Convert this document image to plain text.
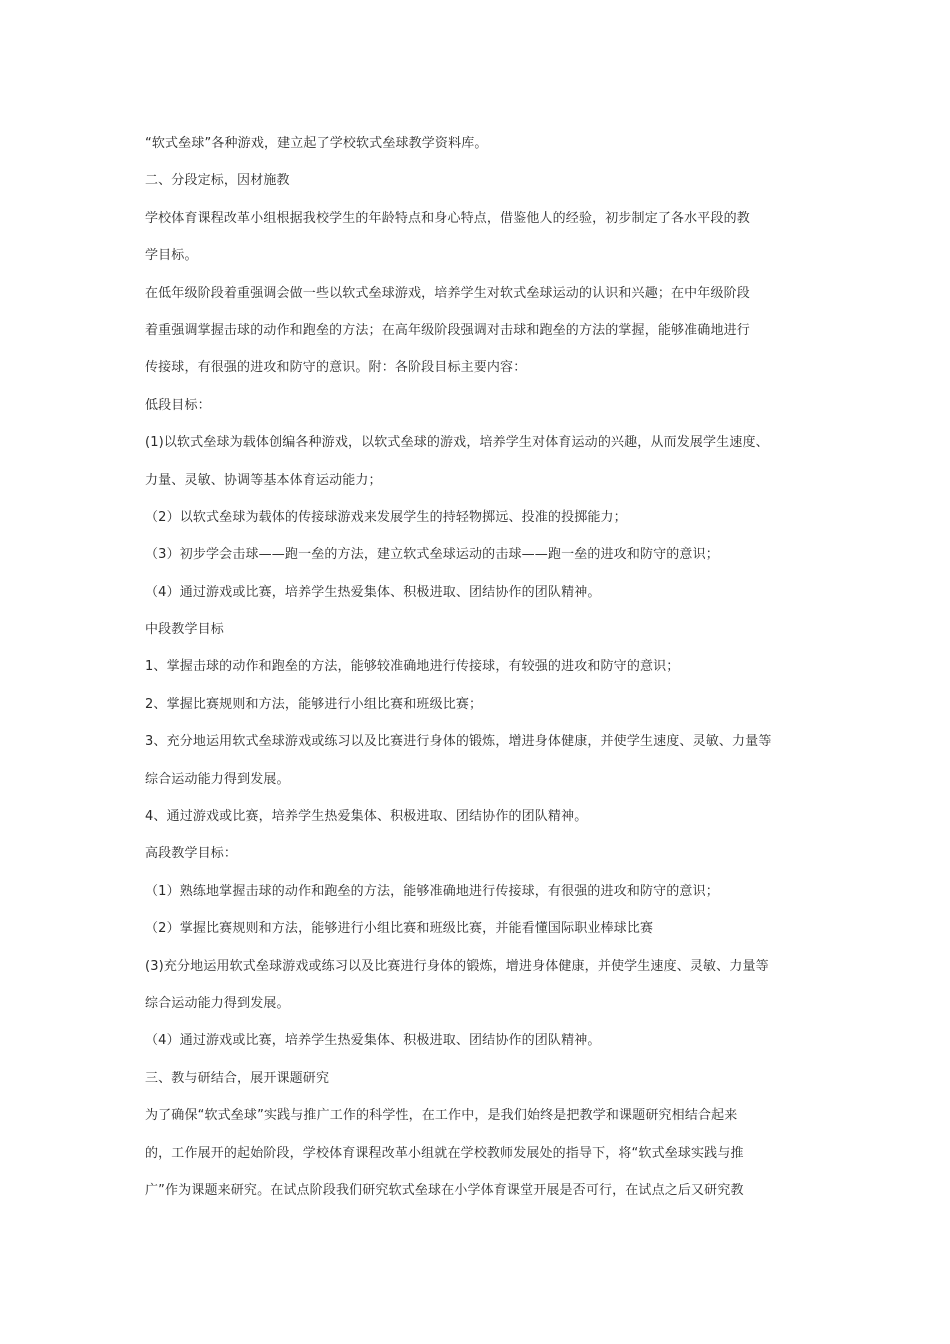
“软式垒球”各种游戏，建立起了学校软式垒球教学资料库。

二、分段定标，因材施教

学校体育课程改革小组根据我校学生的年龄特点和身心特点，借鉴他人的经验，初步制定了各水平段的教

学目标。

在低年级阶段着重强调会做一些以软式垒球游戏，培养学生对软式垒球运动的认识和兴趣；在中年级阶段

着重强调掌握击球的动作和跑垒的方法；在高年级阶段强调对击球和跑垒的方法的掌握，能够准确地进行

传接球，有很强的进攻和防守的意识。附：各阶段目标主要内容：

低段目标：

(1)以软式垒球为载体创编各种游戏，以软式垒球的游戏，培养学生对体育运动的兴趣，从而发展学生速度、

力量、灵敏、协调等基本体育运动能力；

（2）以软式垒球为载体的传接球游戏来发展学生的持轻物掷远、投准的投掷能力；

（3）初步学会击球——跑一垒的方法，建立软式垒球运动的击球——跑一垒的进攻和防守的意识；

（4）通过游戏或比赛，培养学生热爱集体、积极进取、团结协作的团队精神。

中段教学目标

1、掌握击球的动作和跑垒的方法，能够较准确地进行传接球，有较强的进攻和防守的意识；

2、掌握比赛规则和方法，能够进行小组比赛和班级比赛；

3、充分地运用软式垒球游戏或练习以及比赛进行身体的锻炼，增进身体健康，并使学生速度、灵敏、力量等

综合运动能力得到发展。

4、通过游戏或比赛，培养学生热爱集体、积极进取、团结协作的团队精神。

高段教学目标：

（1）熟练地掌握击球的动作和跑垒的方法，能够准确地进行传接球，有很强的进攻和防守的意识；

（2）掌握比赛规则和方法，能够进行小组比赛和班级比赛，并能看懂国际职业棒球比赛

(3)充分地运用软式垒球游戏或练习以及比赛进行身体的锻炼，增进身体健康，并使学生速度、灵敏、力量等

综合运动能力得到发展。

（4）通过游戏或比赛，培养学生热爱集体、积极进取、团结协作的团队精神。

三、教与研结合，展开课题研究

为了确保“软式垒球”实践与推广工作的科学性，在工作中，是我们始终是把教学和课题研究相结合起来

的，工作展开的起始阶段，学校体育课程改革小组就在学校教师发展处的指导下，将“软式垒球实践与推

广”作为课题来研究。在试点阶段我们研究软式垒球在小学体育课堂开展是否可行，在试点之后又研究教
